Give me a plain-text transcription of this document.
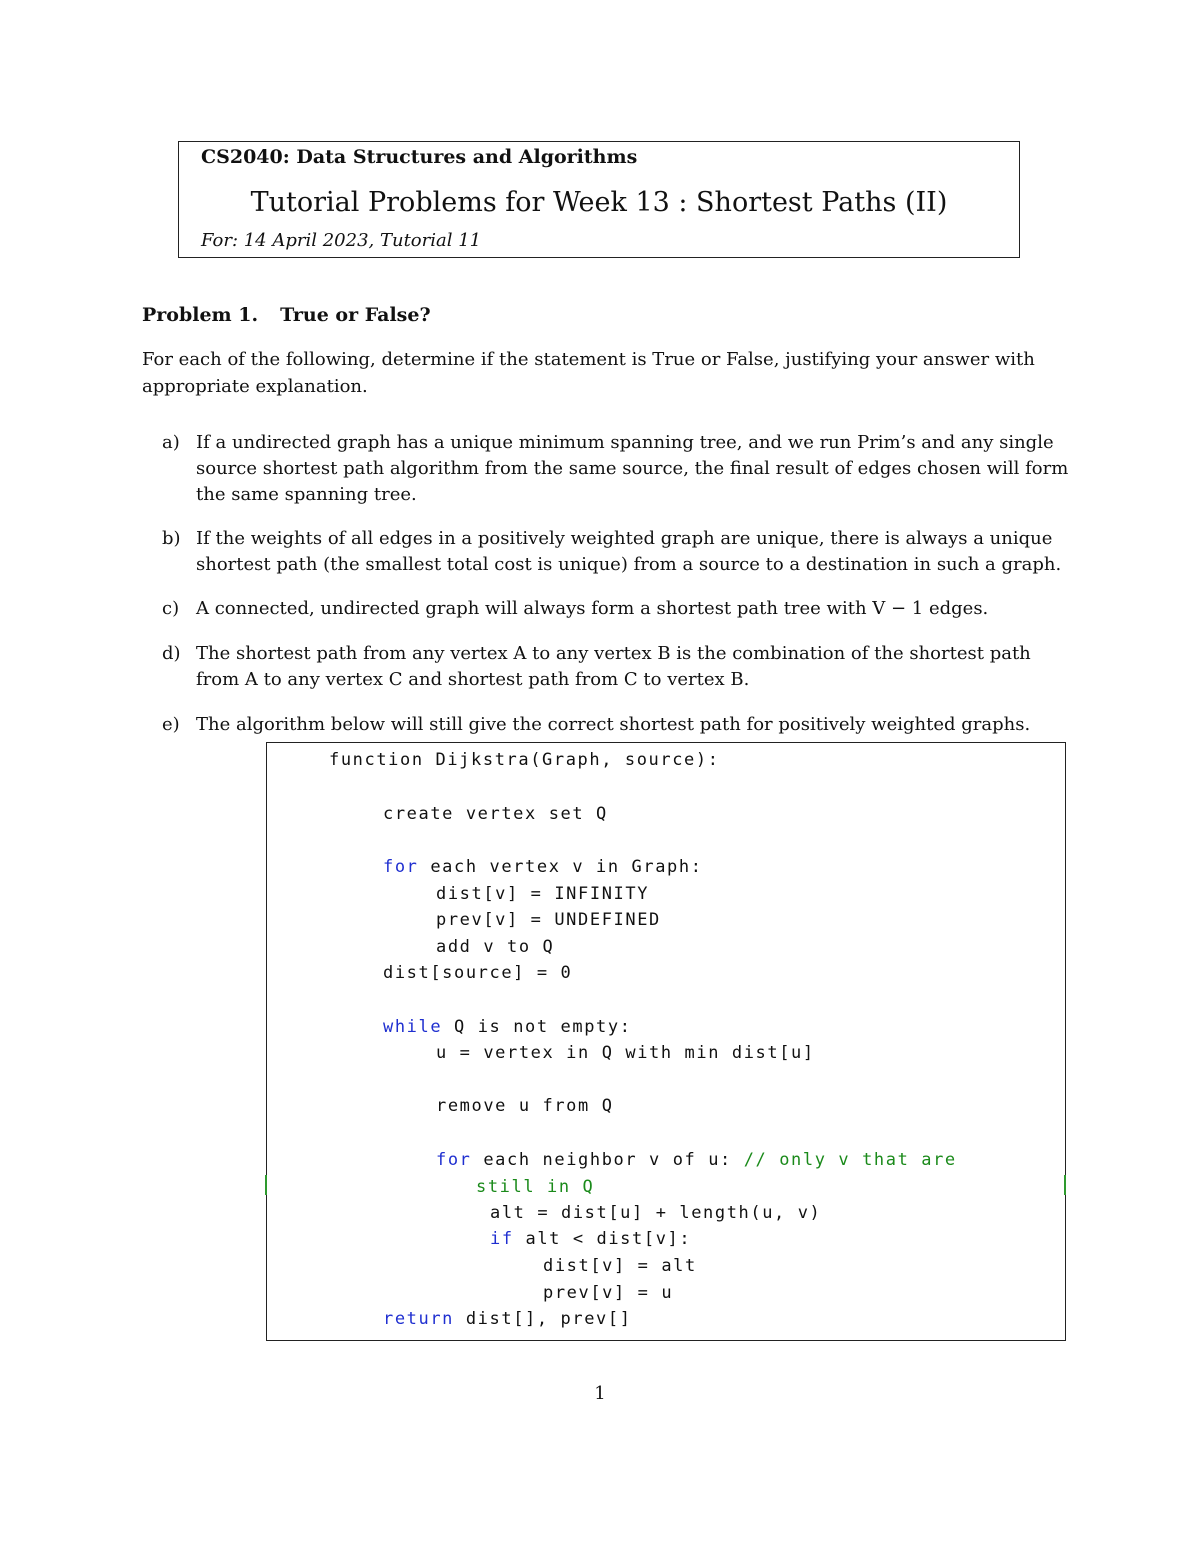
CS2040: Data Structures and Algorithms
Tutorial Problems for Week 13 : Shortest Paths (II)
For: 14 April 2023, Tutorial 11
Problem 1. True or False?
For each of the following, determine if the statement is True or False, justifying your answer with appropriate explanation.
a) If a undirected graph has a unique minimum spanning tree, and we run Prim’s and any single source shortest path algorithm from the same source, the final result of edges chosen will form the same spanning tree.
b) If the weights of all edges in a positively weighted graph are unique, there is always a unique shortest path (the smallest total cost is unique) from a source to a destination in such a graph.
c) A connected, undirected graph will always form a shortest path tree with V − 1 edges.
d) The shortest path from any vertex A to any vertex B is the combination of the shortest path from A to any vertex C and shortest path from C to vertex B.
e) The algorithm below will still give the correct shortest path for positively weighted graphs.
function Dijkstra(Graph, source):
create vertex set Q
for each vertex v in Graph:
dist[v] = INFINITY
prev[v] = UNDEFINED
add v to Q
dist[source] = 0
while Q is not empty:
u = vertex in Q with min dist[u]
remove u from Q
for each neighbor v of u: // only v that are
still in Q
alt = dist[u] + length(u, v)
if alt < dist[v]:
dist[v] = alt
prev[v] = u
return dist[], prev[]
1
